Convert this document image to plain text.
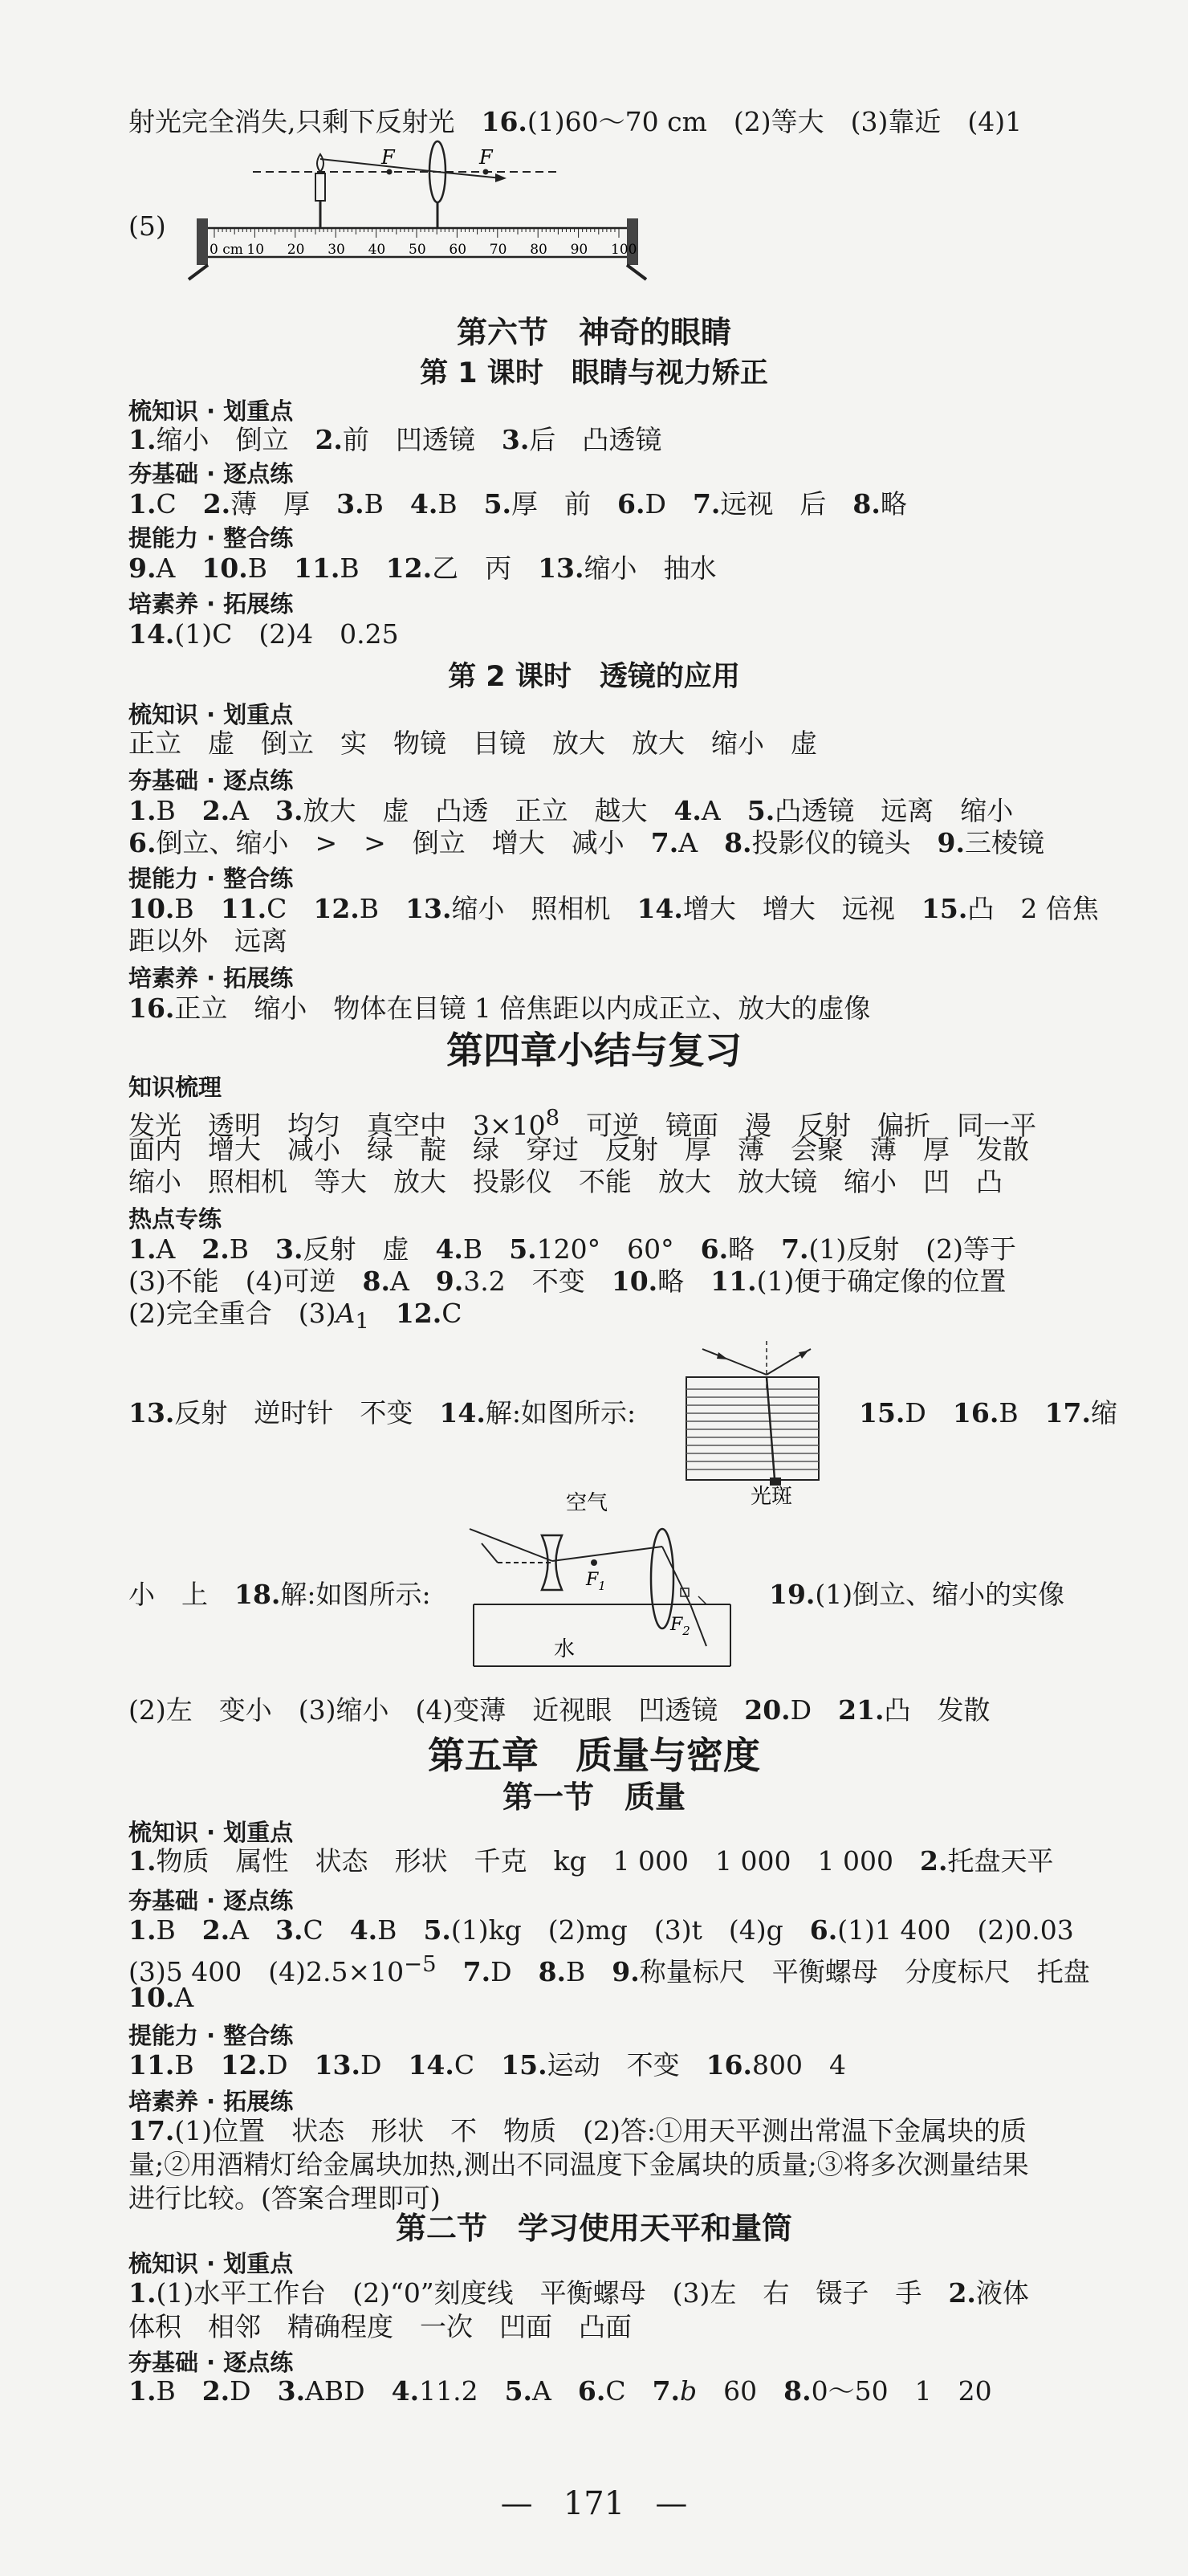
第六节　神奇的眼睛
第 1 课时　眼睛与视力矫正
第 2 课时　透镜的应用
第四章小结与复习
第五章　质量与密度
第一节　质量
第二节　学习使用天平和量筒
梳知识 · 划重点
夯基础 · 逐点练
提能力 · 整合练
培素养 · 拓展练
梳知识 · 划重点
夯基础 · 逐点练
提能力 · 整合练
培素养 · 拓展练
知识梳理
热点专练
梳知识 · 划重点
夯基础 · 逐点练
提能力 · 整合练
培素养 · 拓展练
梳知识 · 划重点
夯基础 · 逐点练
射光完全消失,只剩下反射光　16.(1)60～70 cm　(2)等大　(3)靠近　(4)1
(5)
1.缩小　倒立　2.前　凹透镜　3.后　凸透镜
1.C　2.薄　厚　3.B　4.B　5.厚　前　6.D　7.远视　后　8.略
9.A　10.B　11.B　12.乙　丙　13.缩小　抽水
14.(1)C　(2)4　0.25
正立　虚　倒立　实　物镜　目镜　放大　放大　缩小　虚
1.B　2.A　3.放大　虚　凸透　正立　越大　4.A　5.凸透镜　远离　缩小
6.倒立、缩小　>　>　倒立　增大　减小　7.A　8.投影仪的镜头　9.三棱镜
10.B　11.C　12.B　13.缩小　照相机　14.增大　增大　远视　15.凸　2 倍焦
距以外　远离
16.正立　缩小　物体在目镜 1 倍焦距以内成正立、放大的虚像
发光　透明　均匀　真空中　$3\times 10^8$　可逆　镜面　漫　反射　偏折　同一平
面内　增大　减小　绿　靛　绿　穿过　反射　厚　薄　会聚　薄　厚　发散
缩小　照相机　等大　放大　投影仪　不能　放大　放大镜　缩小　凹　凸
1.A　2.B　3.反射　虚　4.B　5.120°　60°　6.略　7.(1)反射　(2)等于
(3)不能　(4)可逆　8.A　9.3.2　不变　10.略　11.(1)便于确定像的位置
(2)完全重合　$(3)A_1$　 12.C
13.反射　逆时针　不变　14.解:如图所示:	15.D　16.B　17.缩
小　上　18.解:如图所示:	19.(1)倒立、缩小的实像
(2)左　变小　(3)缩小　(4)变薄　近视眼　凹透镜　20.D　21.凸　发散
1.物质　属性　状态　形状　千克　kg　1 000　1 000　1 000　2.托盘天平
1.B　2.A　3.C　4.B　5.(1)kg　(2)mg　(3)t　(4)g　6.(1)1 400　(2)0.03
(3)5 400　$(4)2.5\times 10^{-5}$　 7.D　8.B　9.称量标尺　平衡螺母　分度标尺　托盘
10.A
11.B　12.D　13.D　14.C　15.运动　不变　16.800　4
17.(1)位置　状态　形状　不　物质　(2)答:①用天平测出常温下金属块的质
量;②用酒精灯给金属块加热,测出不同温度下金属块的质量;③将多次测量结果
进行比较。(答案合理即可)
1.(1)水平工作台　(2)“0”刻度线　平衡螺母　(3)左　右　镊子　手　2.液体
体积　相邻　精确程度　一次　凹面　凸面
1.B　2.D　3.ABD　4.11.2　5.A　6.C　7.b　60　8.0～50　1　20
F	F
0 cm 10 20 30 40 50 60 70 80 90 100
光斑
空气
$F_1$
$F_2$
水
— 171 —
